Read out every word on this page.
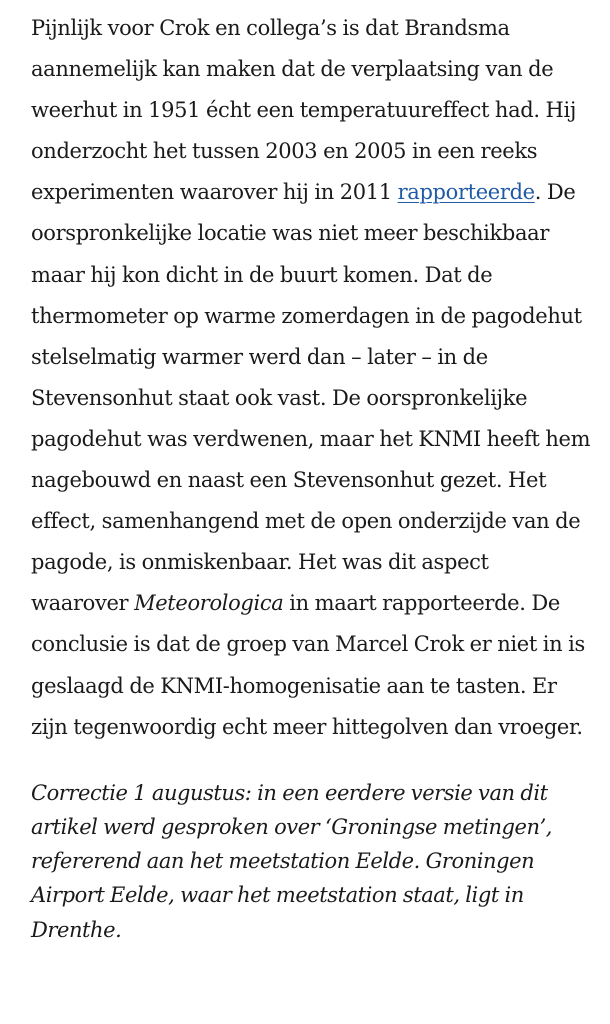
Pijnlijk voor Crok en collega’s is dat Brandsma aannemelijk kan maken dat de verplaatsing van de weerhut in 1951 écht een temperatuureffect had. Hij onderzocht het tussen 2003 en 2005 in een reeks experimenten waarover hij in 2011 rapporteerde. De oorspronkelijke locatie was niet meer beschikbaar maar hij kon dicht in de buurt komen. Dat de thermometer op warme zomerdagen in de pagodehut stelselmatig warmer werd dan – later – in de Stevensonhut staat ook vast. De oorspronkelijke pagodehut was verdwenen, maar het KNMI heeft hem nagebouwd en naast een Stevensonhut gezet. Het effect, samenhangend met de open onderzijde van de pagode, is onmiskenbaar. Het was dit aspect waarover Meteorologica in maart rapporteerde. De conclusie is dat de groep van Marcel Crok er niet in is geslaagd de KNMI-homogenisatie aan te tasten. Er zijn tegenwoordig echt meer hittegolven dan vroeger.

Correctie 1 augustus: in een eerdere versie van dit artikel werd gesproken over ‘Groningse metingen’, refererend aan het meetstation Eelde. Groningen Airport Eelde, waar het meetstation staat, ligt in Drenthe.
